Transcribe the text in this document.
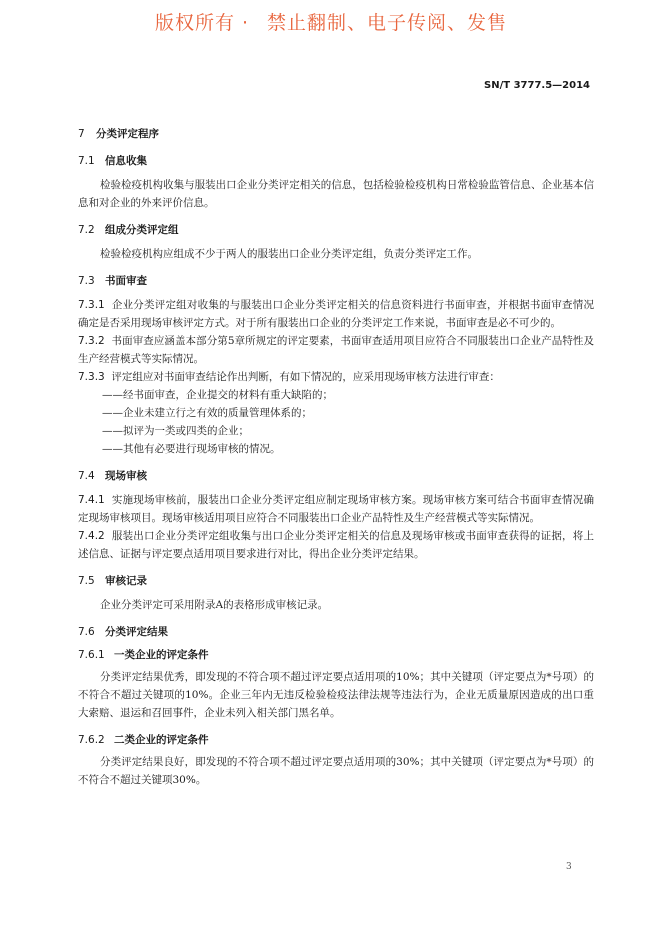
版权所有 · 禁止翻制、电子传阅、发售
SN/T 3777.5—2014
7 分类评定程序
7.1 信息收集
检验检疫机构收集与服装出口企业分类评定相关的信息，包括检验检疫机构日常检验监管信息、企业基本信息和对企业的外来评价信息。
7.2 组成分类评定组
检验检疫机构应组成不少于两人的服装出口企业分类评定组，负责分类评定工作。
7.3 书面审查
7.3.1 企业分类评定组对收集的与服装出口企业分类评定相关的信息资料进行书面审查，并根据书面审查情况确定是否采用现场审核评定方式。对于所有服装出口企业的分类评定工作来说，书面审查是必不可少的。
7.3.2 书面审查应涵盖本部分第5章所规定的评定要素，书面审查适用项目应符合不同服装出口企业产品特性及生产经营模式等实际情况。
7.3.3 评定组应对书面审查结论作出判断，有如下情况的，应采用现场审核方法进行审查：
——经书面审查，企业提交的材料有重大缺陷的；
——企业未建立行之有效的质量管理体系的；
——拟评为一类或四类的企业；
——其他有必要进行现场审核的情况。
7.4 现场审核
7.4.1 实施现场审核前，服装出口企业分类评定组应制定现场审核方案。现场审核方案可结合书面审查情况确定现场审核项目。现场审核适用项目应符合不同服装出口企业产品特性及生产经营模式等实际情况。
7.4.2 服装出口企业分类评定组收集与出口企业分类评定相关的信息及现场审核或书面审查获得的证据，将上述信息、证据与评定要点适用项目要求进行对比，得出企业分类评定结果。
7.5 审核记录
企业分类评定可采用附录A的表格形成审核记录。
7.6 分类评定结果
7.6.1 一类企业的评定条件
分类评定结果优秀，即发现的不符合项不超过评定要点适用项的10%；其中关键项（评定要点为*号项）的不符合不超过关键项的10%。企业三年内无违反检验检疫法律法规等违法行为，企业无质量原因造成的出口重大索赔、退运和召回事件，企业未列入相关部门黑名单。
7.6.2 二类企业的评定条件
分类评定结果良好，即发现的不符合项不超过评定要点适用项的30%；其中关键项（评定要点为*号项）的不符合不超过关键项30%。
3
